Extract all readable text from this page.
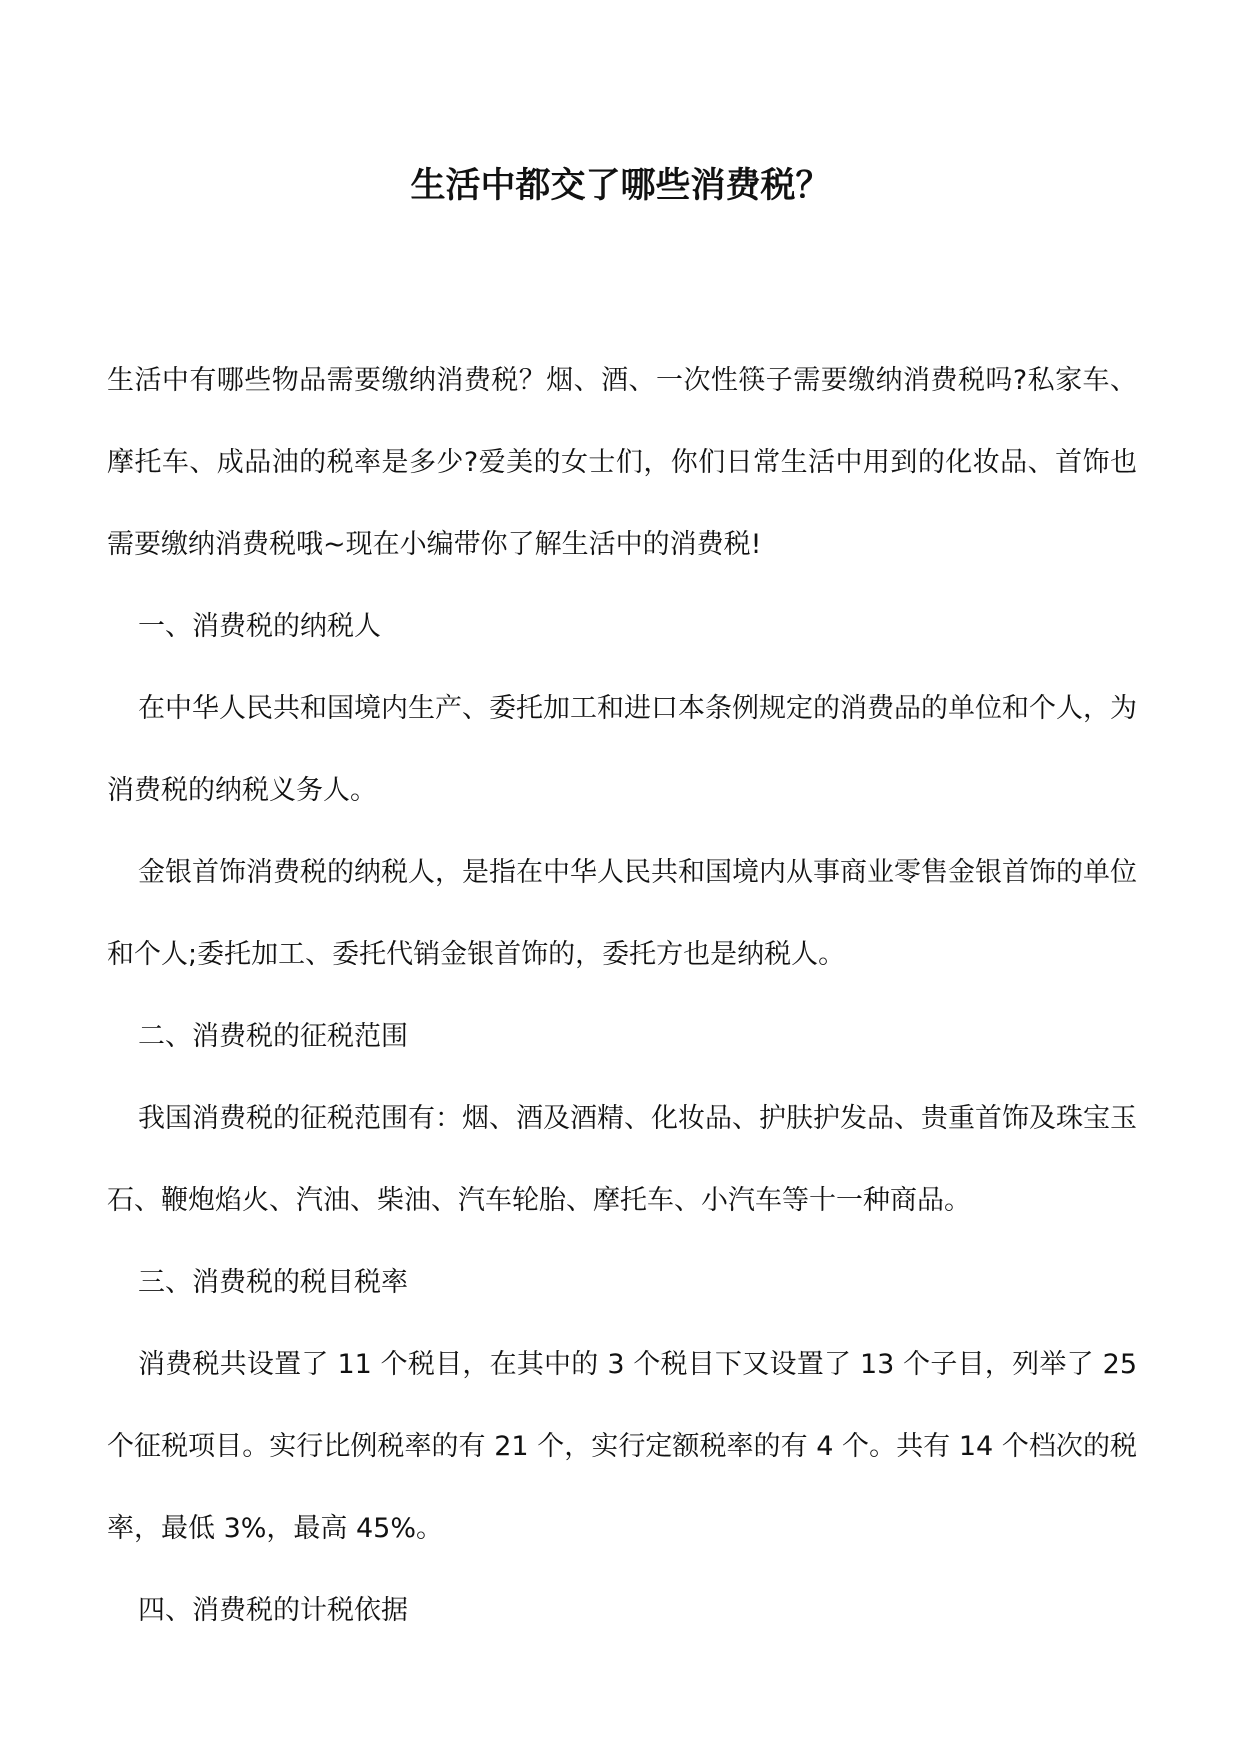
生活中都交了哪些消费税？

生活中有哪些物品需要缴纳消费税？烟、酒、一次性筷子需要缴纳消费税吗?私家车、摩托车、成品油的税率是多少?爱美的女士们，你们日常生活中用到的化妆品、首饰也需要缴纳消费税哦~现在小编带你了解生活中的消费税!

一、消费税的纳税人

在中华人民共和国境内生产、委托加工和进口本条例规定的消费品的单位和个人，为消费税的纳税义务人。

金银首饰消费税的纳税人，是指在中华人民共和国境内从事商业零售金银首饰的单位和个人;委托加工、委托代销金银首饰的，委托方也是纳税人。

二、消费税的征税范围

我国消费税的征税范围有：烟、酒及酒精、化妆品、护肤护发品、贵重首饰及珠宝玉石、鞭炮焰火、汽油、柴油、汽车轮胎、摩托车、小汽车等十一种商品。

三、消费税的税目税率

消费税共设置了 11 个税目，在其中的 3 个税目下又设置了 13 个子目，列举了 25 个征税项目。实行比例税率的有 21 个，实行定额税率的有 4 个。共有 14 个档次的税率，最低 3%，最高 45%。

四、消费税的计税依据
